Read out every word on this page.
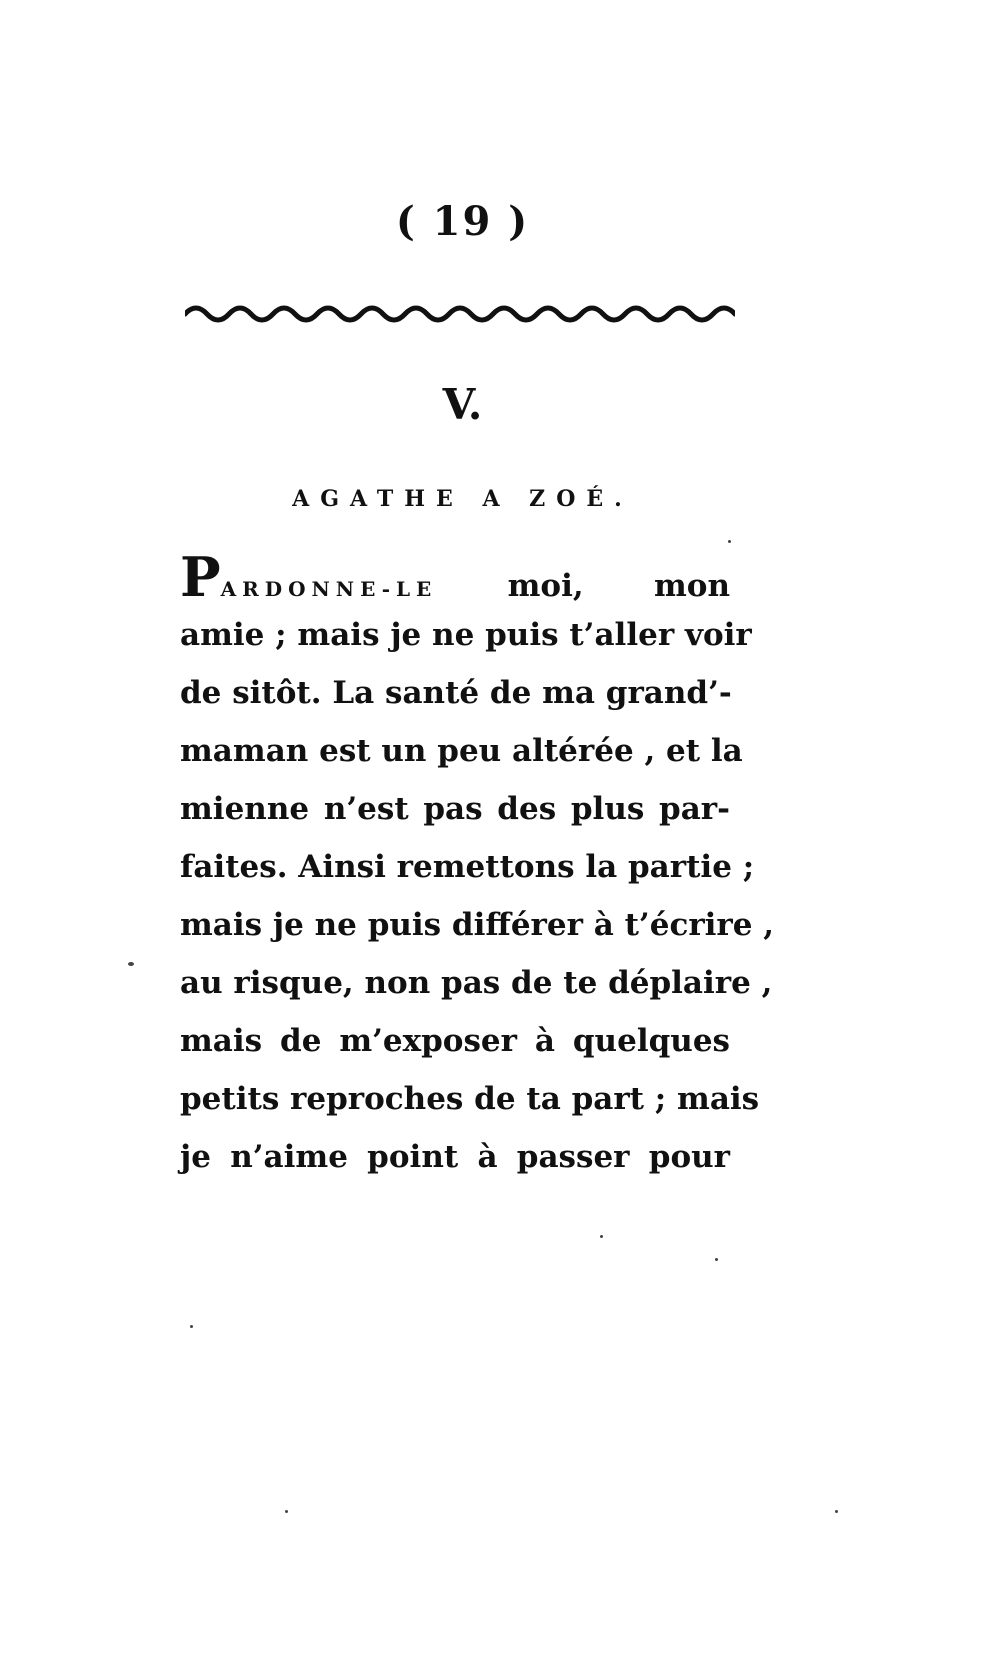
( 19 )
V.
AGATHE A ZOÉ.
PARDONNE-LE moi, mon
amie ; mais je ne puis t’aller voir
de sitôt. La santé de ma grand’-
maman est un peu altérée , et la
mienne n’est pas des plus par-
faites. Ainsi remettons la partie ;
mais je ne puis différer à t’écrire ,
au risque, non pas de te déplaire ,
mais de m’exposer à quelques
petits reproches de ta part ; mais
je n’aime point à passer pour
